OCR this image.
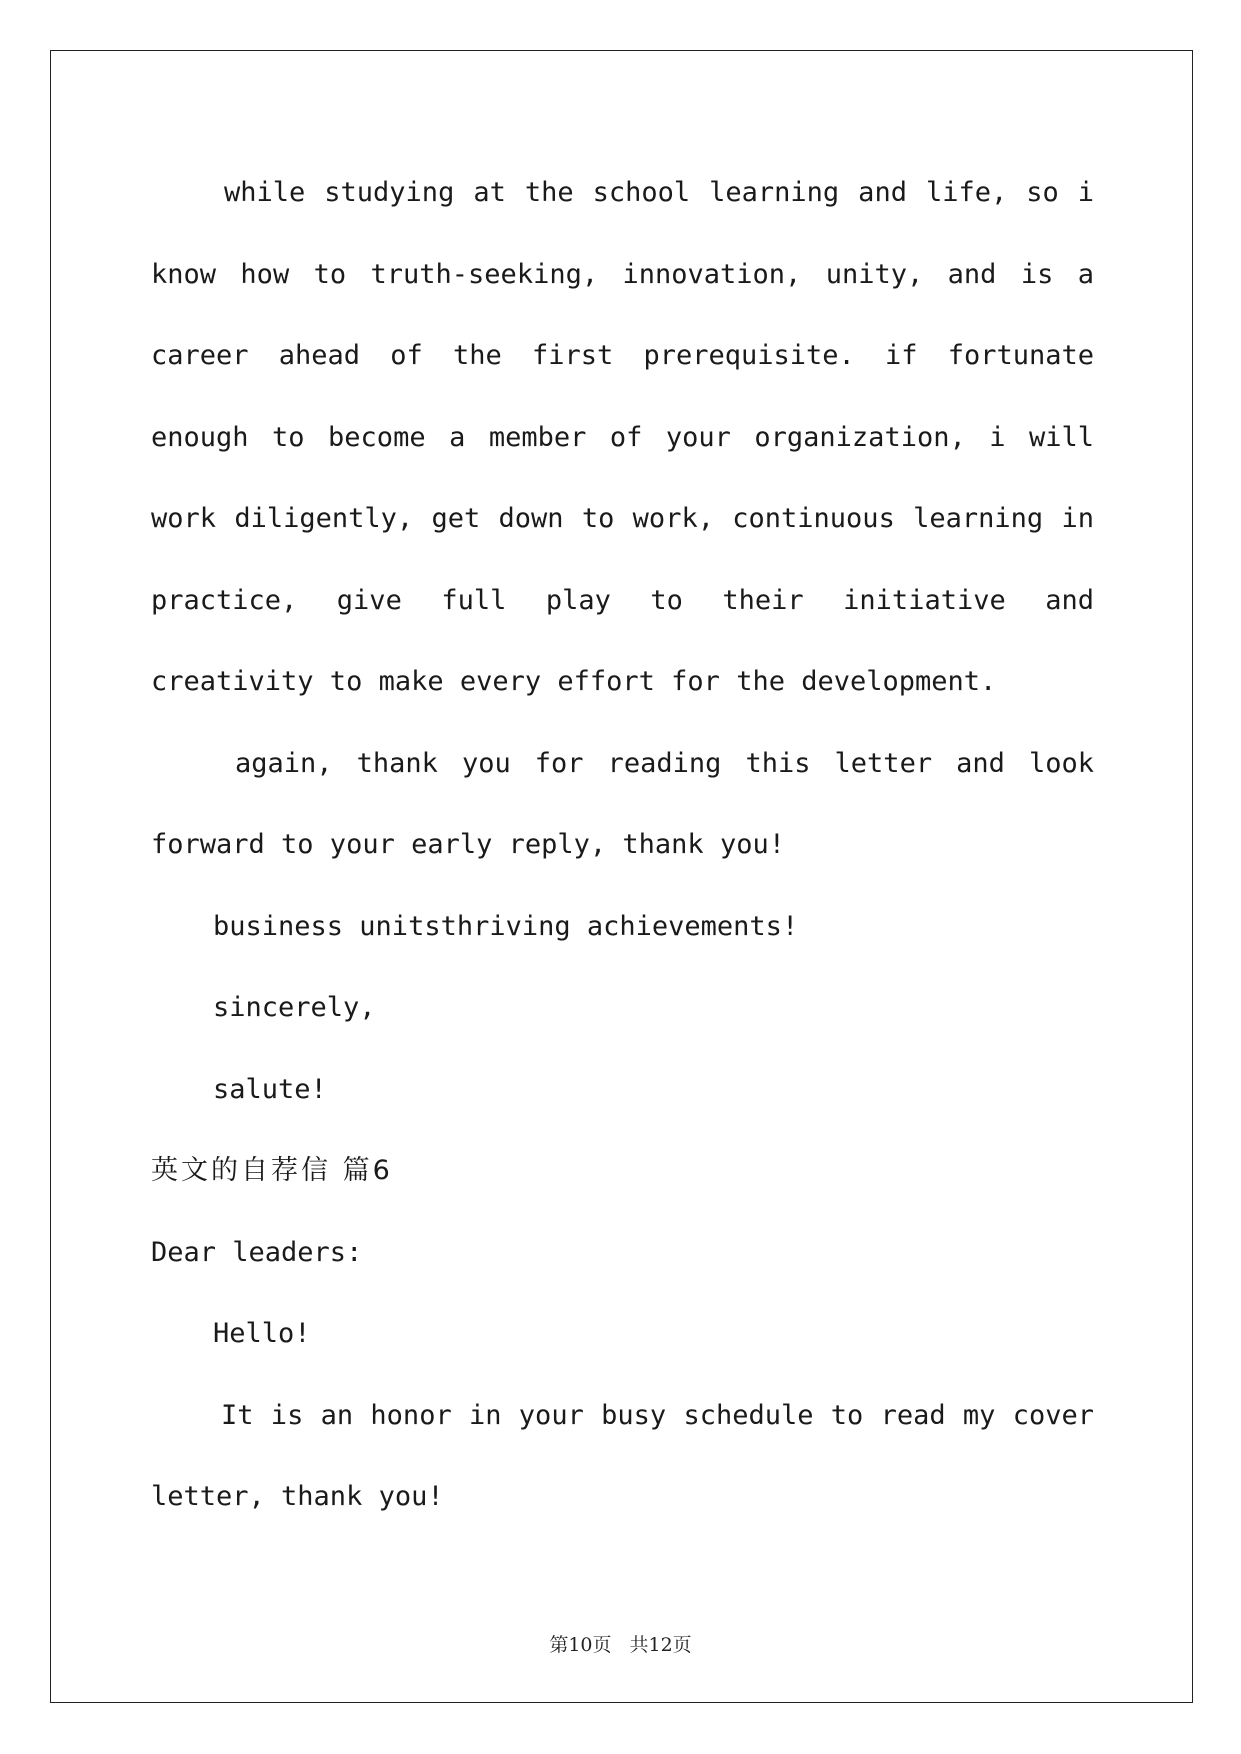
while studying at the school learning and life, so i know how to truth-seeking, innovation, unity, and is a career ahead of the first prerequisite. if fortunate enough to become a member of your organization, i will work diligently, get down to work, continuous learning in practice, give full play to their initiative and creativity to make every effort for the development.

again, thank you for reading this letter and look forward to your early reply, thank you!

business unitsthriving achievements!

sincerely,

salute!

英文的自荐信 篇6

Dear leaders:

Hello!

It is an honor in your busy schedule to read my cover letter, thank you!

第10页 共12页
